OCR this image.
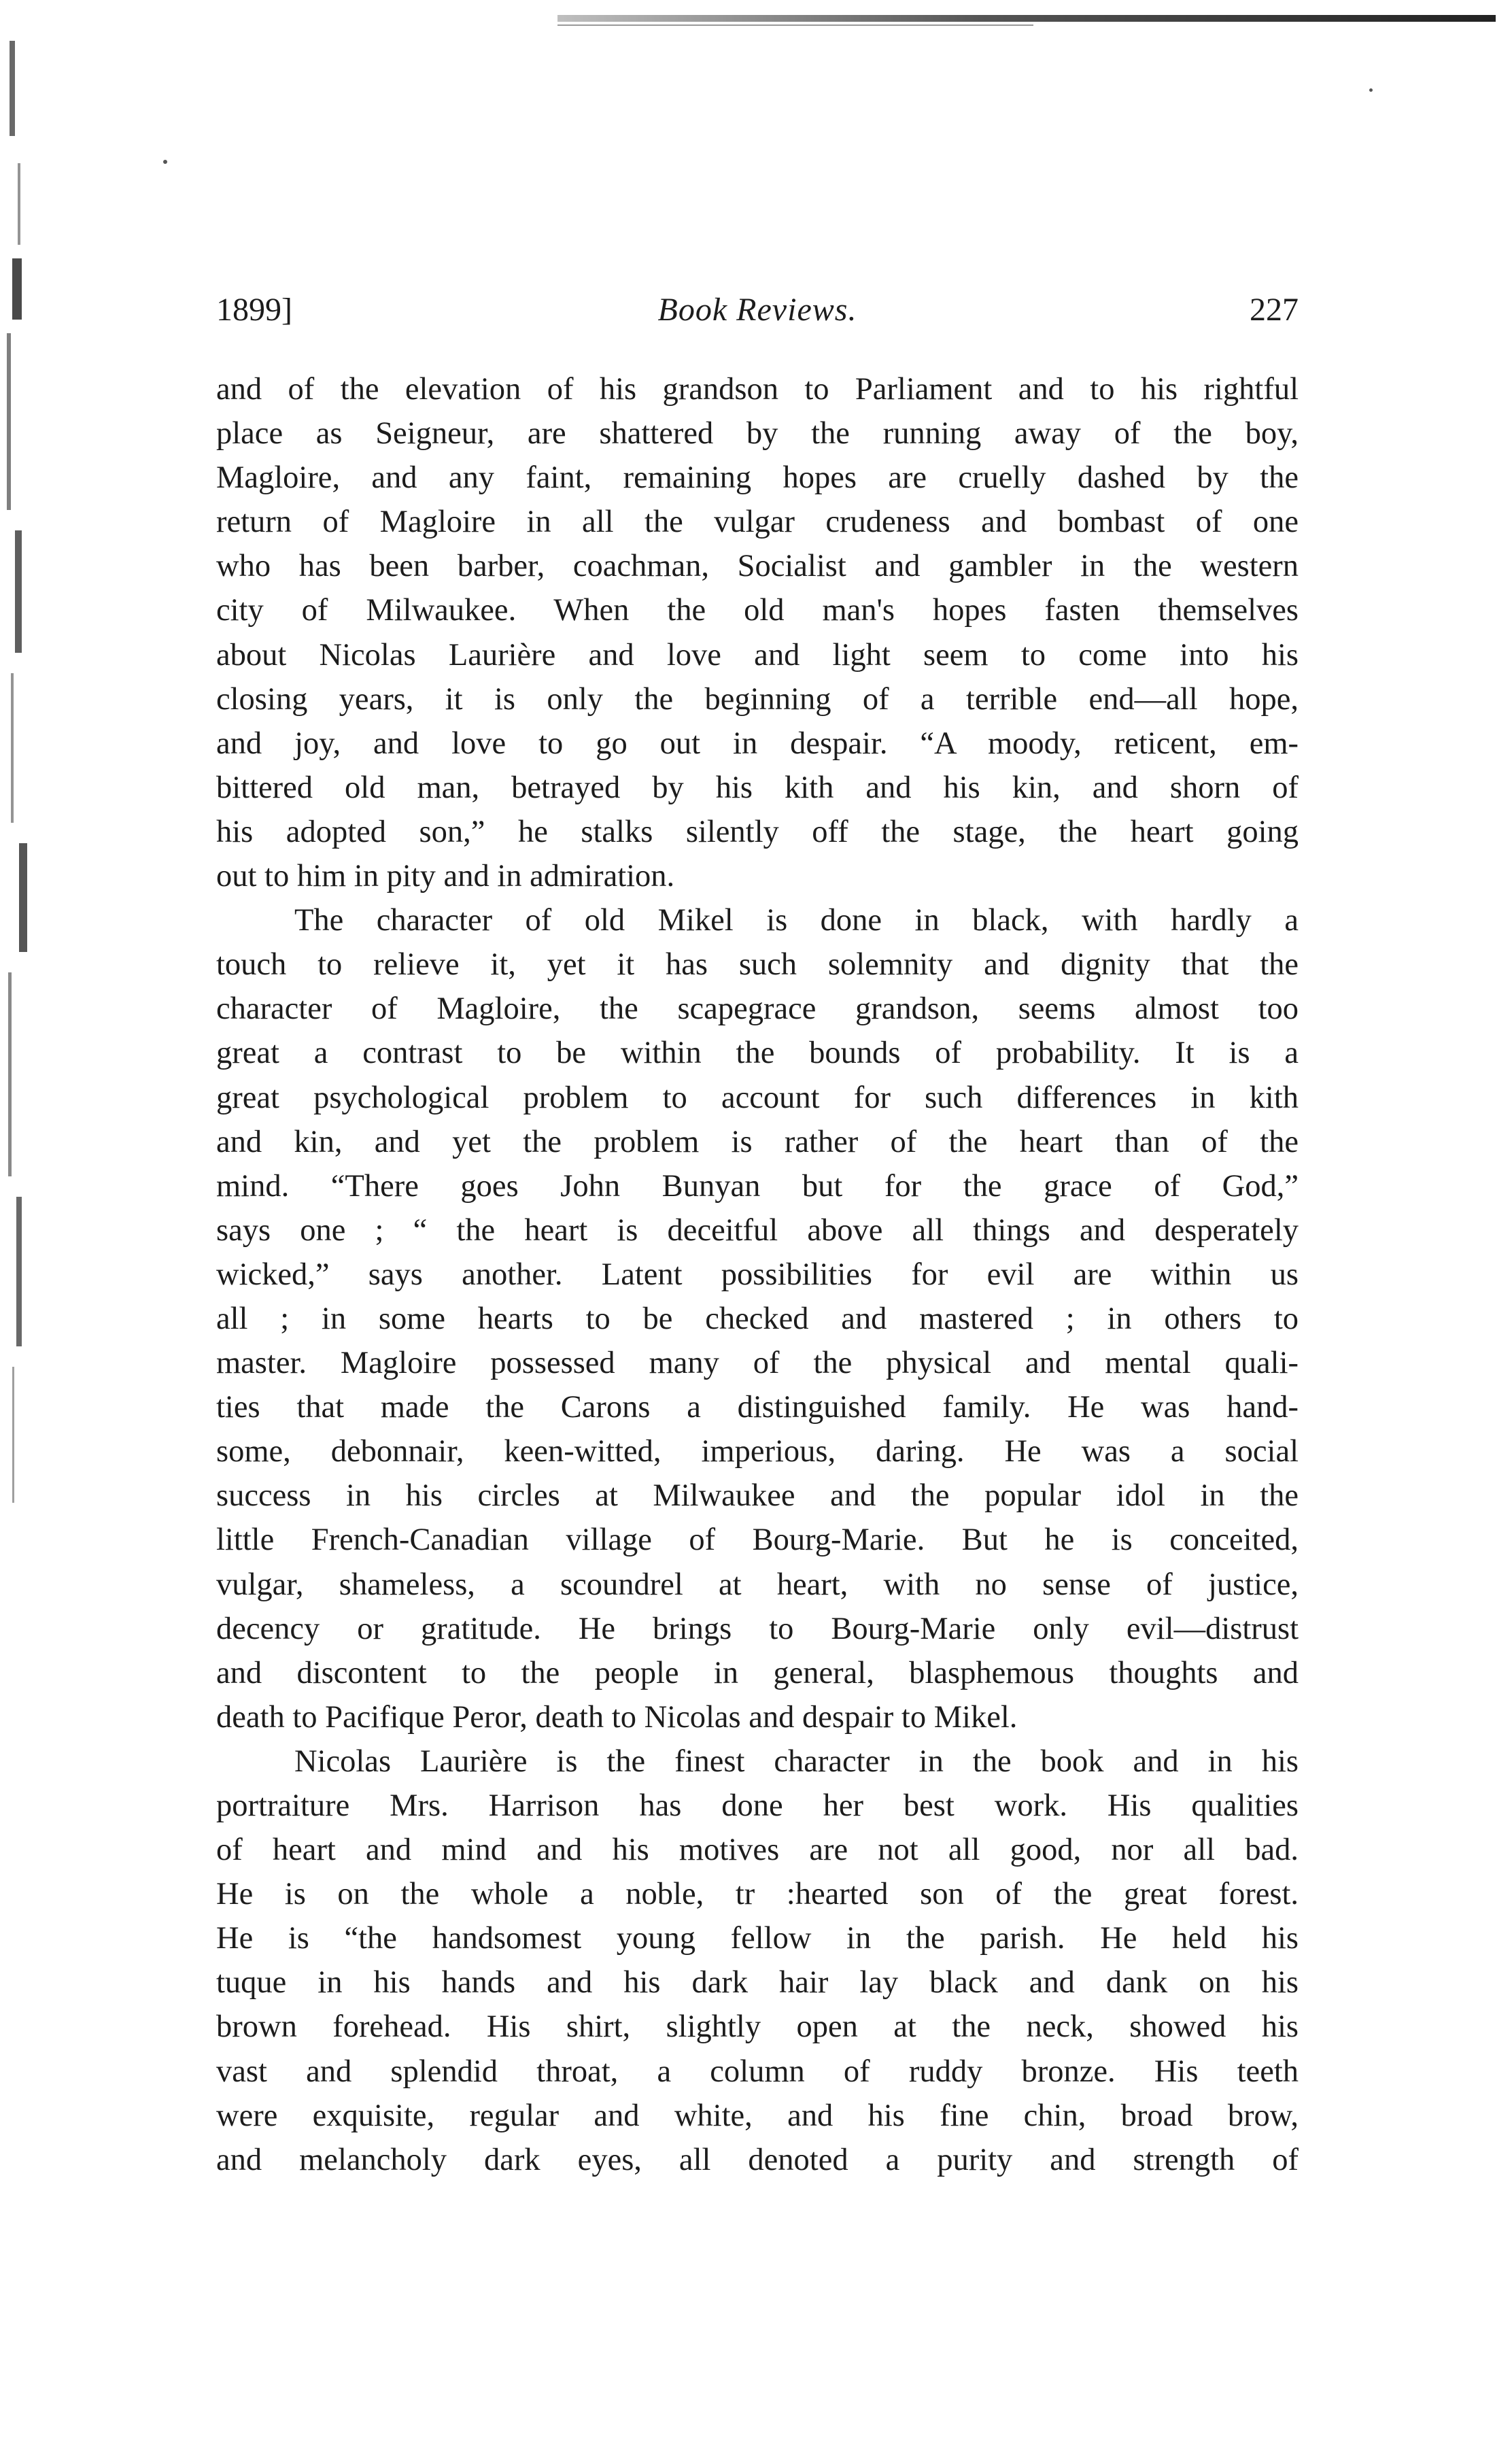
1899]	Book Reviews.	227
and of the elevation of his grandson to Parliament and to his rightful
place as Seigneur, are shattered by the running away of the boy,
Magloire, and any faint, remaining hopes are cruelly dashed by the
return of Magloire in all the vulgar crudeness and bombast of one
who has been barber, coachman, Socialist and gambler in the western
city of Milwaukee. When the old man's hopes fasten themselves
about Nicolas Laurière and love and light seem to come into his
closing years, it is only the beginning of a terrible end—all hope,
and joy, and love to go out in despair. “A moody, reticent, em-
bittered old man, betrayed by his kith and his kin, and shorn of
his adopted son,” he stalks silently off the stage, the heart going
out to him in pity and in admiration.
The character of old Mikel is done in black, with hardly a
touch to relieve it, yet it has such solemnity and dignity that the
character of Magloire, the scapegrace grandson, seems almost too
great a contrast to be within the bounds of probability. It is a
great psychological problem to account for such differences in kith
and kin, and yet the problem is rather of the heart than of the
mind. “There goes John Bunyan but for the grace of God,”
says one ; “ the heart is deceitful above all things and desperately
wicked,” says another. Latent possibilities for evil are within us
all ; in some hearts to be checked and mastered ; in others to
master. Magloire possessed many of the physical and mental quali-
ties that made the Carons a distinguished family. He was hand-
some, debonnair, keen-witted, imperious, daring. He was a social
success in his circles at Milwaukee and the popular idol in the
little French-Canadian village of Bourg-Marie. But he is conceited,
vulgar, shameless, a scoundrel at heart, with no sense of justice,
decency or gratitude. He brings to Bourg-Marie only evil—distrust
and discontent to the people in general, blasphemous thoughts and
death to Pacifique Peror, death to Nicolas and despair to Mikel.
Nicolas Laurière is the finest character in the book and in his
portraiture Mrs. Harrison has done her best work. His qualities
of heart and mind and his motives are not all good, nor all bad.
He is on the whole a noble, tr :hearted son of the great forest.
He is “the handsomest young fellow in the parish. He held his
tuque in his hands and his dark hair lay black and dank on his
brown forehead. His shirt, slightly open at the neck, showed his
vast and splendid throat, a column of ruddy bronze. His teeth
were exquisite, regular and white, and his fine chin, broad brow,
and melancholy dark eyes, all denoted a purity and strength of
